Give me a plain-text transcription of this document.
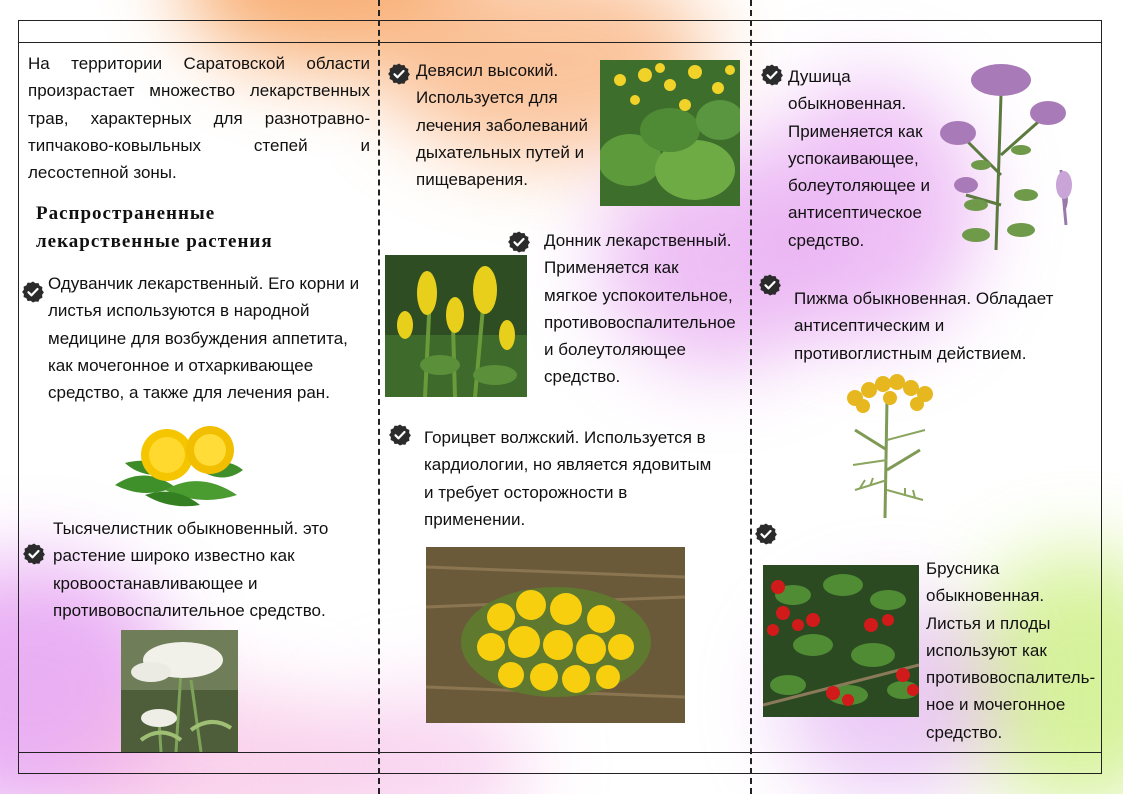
На территории Саратовской области произрастает множество лекарственных трав, характерных для разнотравно-типчаково-ковыльных степей и лесостепной зоны.
Распространенные
лекарственные растения
Одуванчик лекарственный. Его корни и
листья используются в народной
медицине для возбуждения аппетита,
как мочегонное и отхаркивающее
средство, а также для лечения ран.
Тысячелистник обыкновенный. это
растение широко известно как
кровоостанавливающее и
противовоспалительное средство.
Девясил высокий.
Используется для
лечения заболеваний
дыхательных путей и
пищеварения.
Донник лекарственный.
Применяется как
мягкое успокоительное,
противовоспалительное
и болеутоляющее
средство.
Горицвет волжский. Используется в
кардиологии, но является ядовитым
и требует осторожности в
применении.
Душица
обыкновенная.
Применяется как
успокаивающее,
болеутоляющее и
антисептическое
средство.
Пижма обыкновенная. Обладает
антисептическим и
противоглистным действием.
Брусника
обыкновенная.
Листья и плоды
используют как
противовоспалитель-
ное и мочегонное
средство.
